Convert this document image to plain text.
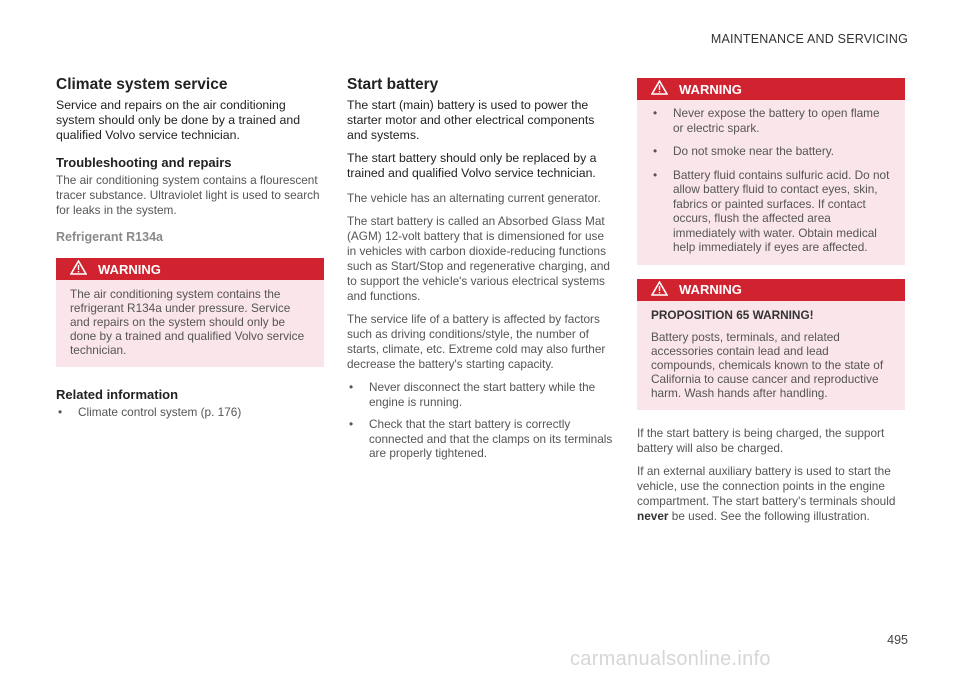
MAINTENANCE AND SERVICING
Climate system service

Service and repairs on the air conditioning system should only be done by a trained and qualified Volvo service technician.

Troubleshooting and repairs

The air conditioning system contains a flourescent tracer substance. Ultraviolet light is used to search for leaks in the system.

Refrigerant R134a
WARNING

The air conditioning system contains the refrigerant R134a under pressure. Service and repairs on the system should only be done by a trained and qualified Volvo service technician.

Related information
• Climate control system (p. 176)
Start battery

The start (main) battery is used to power the starter motor and other electrical components and systems.

The start battery should only be replaced by a trained and qualified Volvo service technician.

The vehicle has an alternating current generator.

The start battery is called an Absorbed Glass Mat (AGM) 12-volt battery that is dimensioned for use in vehicles with carbon dioxide-reducing functions such as Start/Stop and regenerative charging, and to support the vehicle's various electrical systems and functions.

The service life of a battery is affected by factors such as driving conditions/style, the number of starts, climate, etc. Extreme cold may also further decrease the battery's starting capacity.

• Never disconnect the start battery while the engine is running.
• Check that the start battery is correctly connected and that the clamps on its terminals are properly tightened.
WARNING
• Never expose the battery to open flame or electric spark.
• Do not smoke near the battery.
• Battery fluid contains sulfuric acid. Do not allow battery fluid to contact eyes, skin, fabrics or painted surfaces. If contact occurs, flush the affected area immediately with water. Obtain medical help immediately if eyes are affected.
WARNING

PROPOSITION 65 WARNING!

Battery posts, terminals, and related accessories contain lead and lead compounds, chemicals known to the state of California to cause cancer and reproductive harm. Wash hands after handling.

If the start battery is being charged, the support battery will also be charged.

If an external auxiliary battery is used to start the vehicle, use the connection points in the engine compartment. The start battery's terminals should never be used. See the following illustration.

495
carmanualsonline.info
